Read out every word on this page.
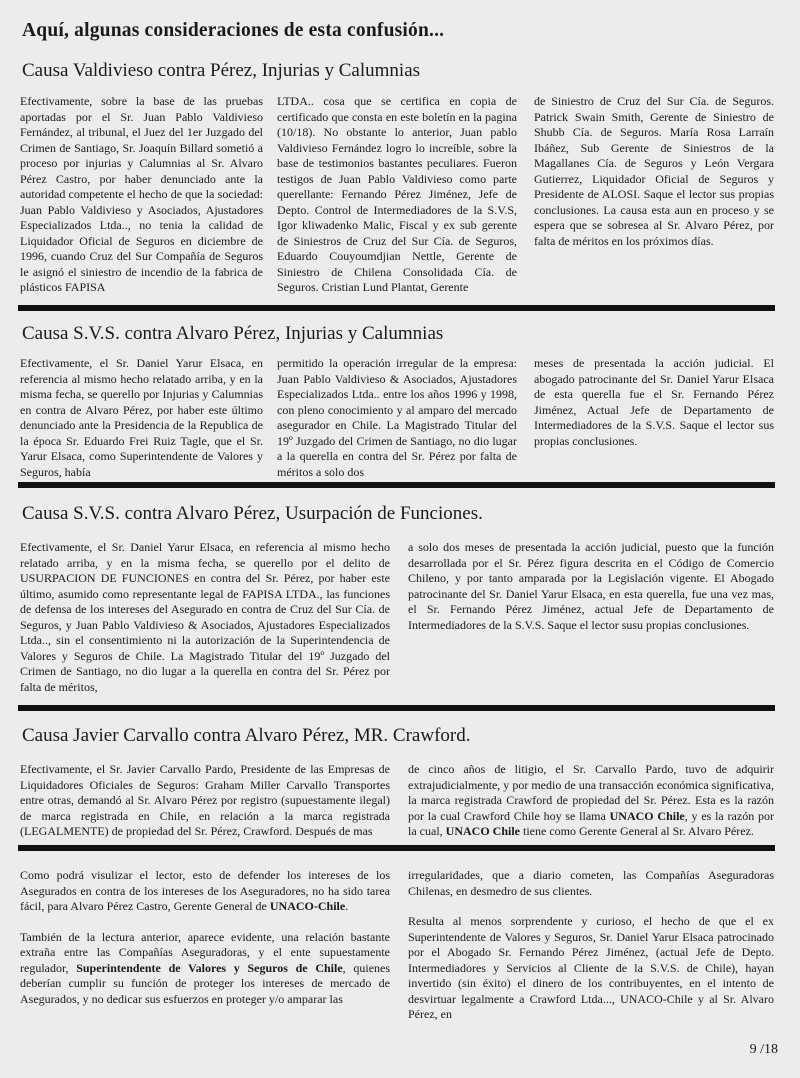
Aquí, algunas consideraciones de esta confusión...
Causa Valdivieso contra Pérez, Injurias y Calumnias
Efectivamente, sobre la base de las pruebas aportadas por el Sr. Juan Pablo Valdivieso Fernández, al tribunal, el Juez del 1er Juzgado del Crimen de Santiago, Sr. Joaquín Billard sometió a proceso por injurias y Calumnias al Sr. Alvaro Pérez Castro, por haber denunciado ante la autoridad competente el hecho de que la sociedad: Juan Pablo Valdivieso y Asociados, Ajustadores Especializados Ltda.., no tenia la calidad de Liquidador Oficial de Seguros en diciembre de 1996, cuando Cruz del Sur Compañía de Seguros le asignó el siniestro de incendio de la fabrica de plásticos FAPISA
LTDA.. cosa que se certifica en copia de certificado que consta en este boletín en la pagina (10/18). No obstante lo anterior, Juan pablo Valdivieso Fernández logro lo increíble, sobre la base de testimonios bastantes peculiares. Fueron testigos de Juan Pablo Valdivieso como parte querellante: Fernando Pérez Jiménez, Jefe de Depto. Control de Intermediadores de la S.V.S, Igor kliwadenko Malic, Fiscal y ex sub gerente de Siniestros de Cruz del Sur Cía. de Seguros, Eduardo Couyoumdjian Nettle, Gerente de Siniestro de Chilena Consolidada Cía. de Seguros. Cristian Lund Plantat, Gerente
de Siniestro de Cruz del Sur Cía. de Seguros. Patrick Swain Smith, Gerente de Siniestro de Shubb Cía. de Seguros. María Rosa Larraín Ibáñez, Sub Gerente de Siniestros de la Magallanes Cía. de Seguros y León Vergara Gutierrez, Liquidador Oficial de Seguros y Presidente de ALOSI. Saque el lector sus propias conclusiones. La causa esta aun en proceso y se espera que se sobresea al Sr. Alvaro Pérez, por falta de méritos en los próximos días.
Causa S.V.S. contra Alvaro Pérez, Injurias y Calumnias
Efectivamente, el Sr. Daniel Yarur Elsaca, en referencia al mismo hecho relatado arriba, y en la misma fecha, se querello por Injurias y Calumnias en contra de Alvaro Pérez, por haber este último denunciado ante la Presidencia de la Republica de la época Sr. Eduardo Frei Ruiz Tagle, que el Sr. Yarur Elsaca, como Superintendente de Valores y Seguros, había
permitido la operación irregular de la empresa: Juan Pablo Valdivieso & Asociados, Ajustadores Especializados Ltda.. entre los años 1996 y 1998, con pleno conocimiento y al amparo del mercado asegurador en Chile. La Magistrado Titular del 19º Juzgado del Crimen de Santiago, no dio lugar a la querella en contra del Sr. Pérez por falta de méritos a solo dos
meses de presentada la acción judicial. El abogado patrocinante del Sr. Daniel Yarur Elsaca de esta querella fue el Sr. Fernando Pérez Jiménez, Actual Jefe de Departamento de Intermediadores de la S.V.S. Saque el lector sus propias conclusiones.
Causa S.V.S. contra Alvaro Pérez, Usurpación de Funciones.
Efectivamente, el Sr. Daniel Yarur Elsaca, en referencia al mismo hecho relatado arriba, y en la misma fecha, se querello por el delito de USURPACION DE FUNCIONES en contra del Sr. Pérez, por haber este último, asumido como representante legal de FAPISA LTDA., las funciones de defensa de los intereses del Asegurado en contra de Cruz del Sur Cía. de Seguros, y Juan Pablo Valdivieso & Asociados, Ajustadores Especializados Ltda.., sin el consentimiento ni la autorización de la Superintendencia de Valores y Seguros de Chile. La Magistrado Titular del 19º Juzgado del Crimen de Santiago, no dio lugar a la querella en contra del Sr. Pérez por falta de méritos,
a solo dos meses de presentada la acción judicial, puesto que la función desarrollada por el Sr. Pérez figura descrita en el Código de Comercio Chileno, y por tanto amparada por la Legislación vigente. El Abogado patrocinante del Sr. Daniel Yarur Elsaca, en esta querella, fue una vez mas, el Sr. Fernando Pérez Jiménez, actual Jefe de Departamento de Intermediadores de la S.V.S. Saque el lector susu propias conclusiones.
Causa Javier Carvallo contra Alvaro Pérez, MR. Crawford.
Efectivamente, el Sr. Javier Carvallo Pardo, Presidente de las Empresas de Liquidadores Oficiales de Seguros: Graham Miller Carvallo Transportes entre otras, demandó al Sr. Alvaro Pérez por registro (supuestamente ilegal) de marca registrada en Chile, en relación a la marca registrada (LEGALMENTE) de propiedad del Sr. Pérez, Crawford. Después de mas
de cinco años de litigio, el Sr. Carvallo Pardo, tuvo de adquirir extrajudicialmente, y por medio de una transacción económica significativa, la marca registrada Crawford de propiedad del Sr. Pérez. Esta es la razón por la cual Crawford Chile hoy se llama UNACO Chile, y es la razón por la cual, UNACO Chile tiene como Gerente General al Sr. Alvaro Pérez.

Como podrá visulizar el lector, esto de defender los intereses de los Asegurados en contra de los intereses de los Aseguradores, no ha sido tarea fácil, para Alvaro Pérez Castro, Gerente General de UNACO-Chile.

También de la lectura anterior, aparece evidente, una relación bastante extraña entre las Compañías Aseguradoras, y el ente supuestamente regulador, Superintendente de Valores y Seguros de Chile, quienes deberían cumplir su función de proteger los intereses de mercado de Asegurados, y no dedicar sus esfuerzos en proteger y/o amparar las

irregularidades, que a diario cometen, las Compañías Aseguradoras Chilenas, en desmedro de sus clientes.

Resulta al menos sorprendente y curioso, el hecho de que el ex Superintendente de Valores y Seguros, Sr. Daniel Yarur Elsaca patrocinado por el Abogado Sr. Fernando Pérez Jiménez, (actual Jefe de Depto. Intermediadores y Servicios al Cliente de la S.V.S. de Chile), hayan invertido (sin éxito) el dinero de los contribuyentes, en el intento de desvirtuar legalmente a Crawford Ltda..., UNACO-Chile y al Sr. Alvaro Pérez, en

9 /18
